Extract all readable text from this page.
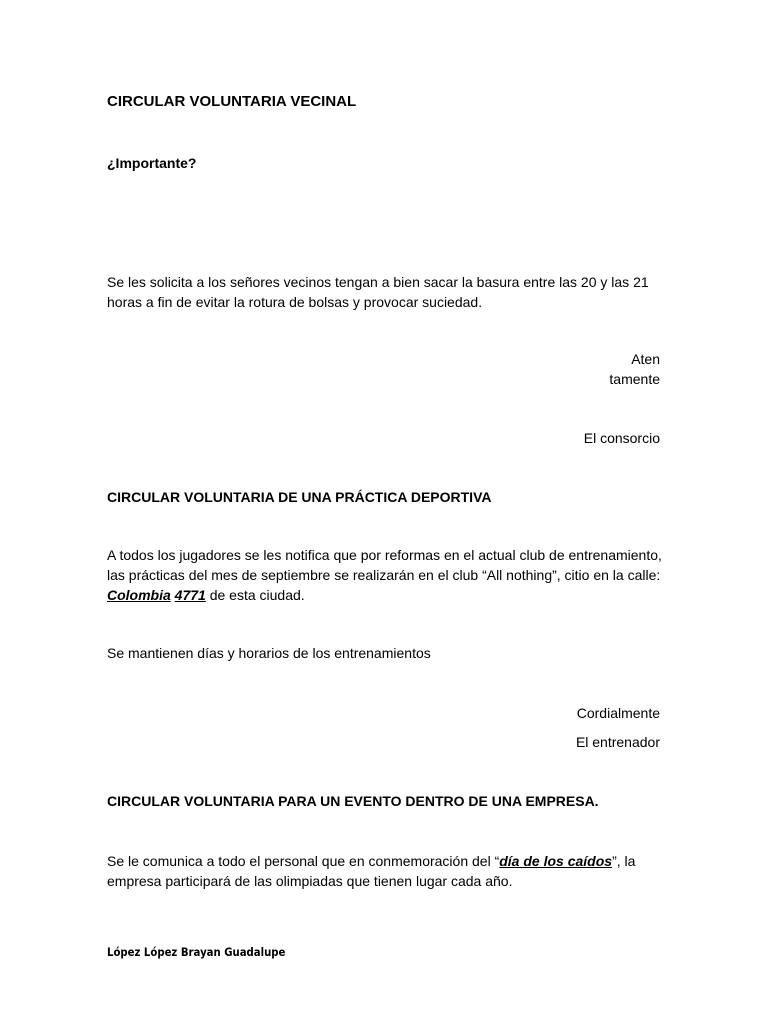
CIRCULAR VOLUNTARIA VECINAL

¿Importante?

Se les solicita a los señores vecinos tengan a bien sacar la basura entre las 20 y las 21 horas a fin de evitar la rotura de bolsas y provocar suciedad.

Aten

tamente

El consorcio

CIRCULAR VOLUNTARIA DE UNA PRÁCTICA DEPORTIVA

A todos los jugadores se les notifica que por reformas en el actual club de entrenamiento, las prácticas del mes de septiembre se realizarán en el club “All nothing”, citio en la calle: Colombia 4771 de esta ciudad.

Se mantienen días y horarios de los entrenamientos

Cordialmente

El entrenador

CIRCULAR VOLUNTARIA PARA UN EVENTO DENTRO DE UNA EMPRESA.

Se le comunica a todo el personal que en conmemoración del “día de los caídos”, la empresa participará de las olimpiadas que tienen lugar cada año.

López López Brayan Guadalupe
